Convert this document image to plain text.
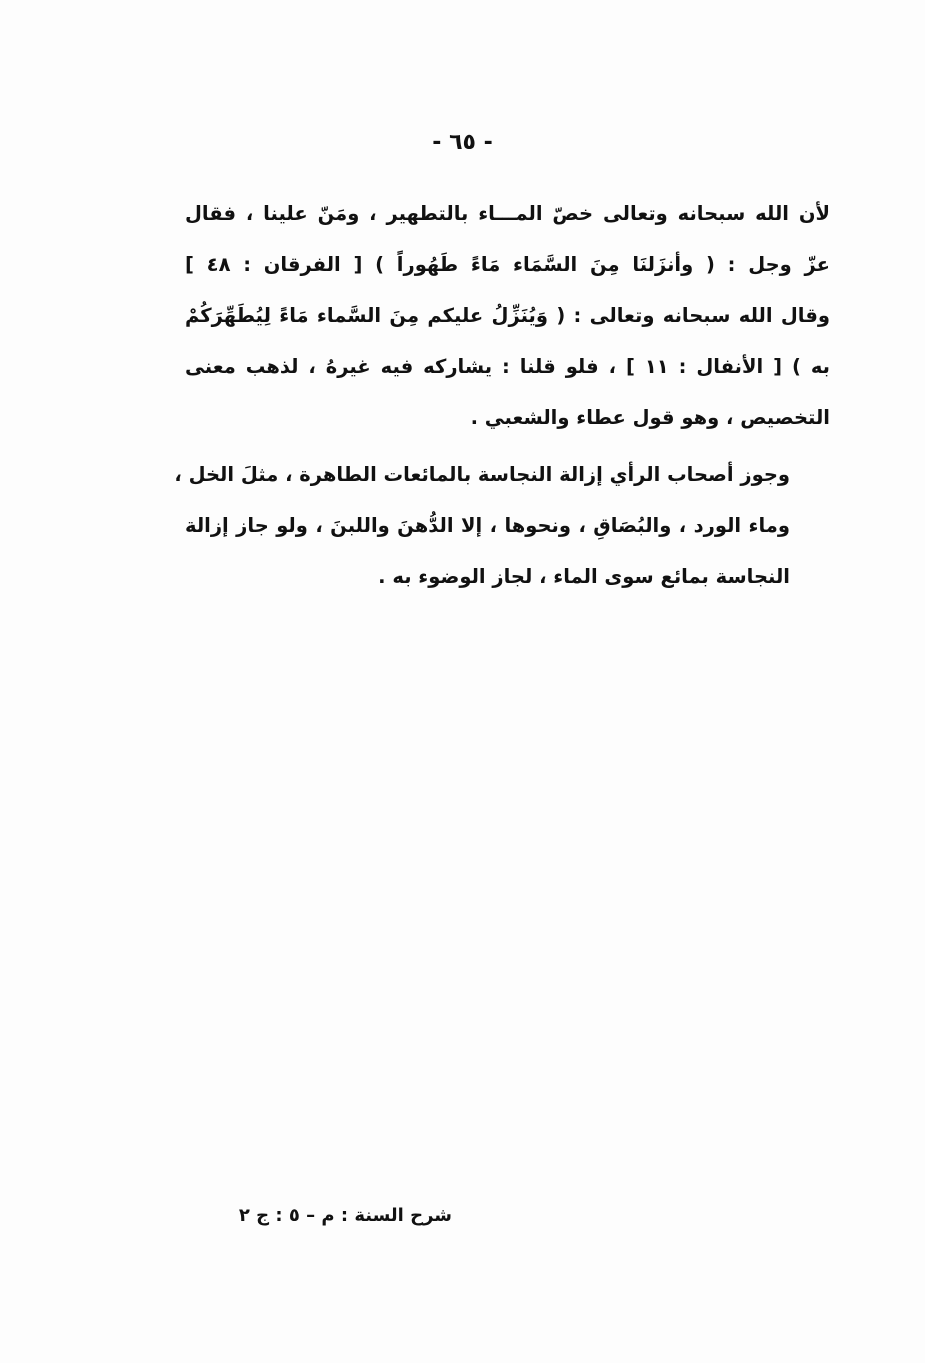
- ٦٥ -

لأن الله سبحانه وتعالى خصّ المـــاء بالتطهير ، ومَنّ علينا ، فقال
عزّ وجل : ( وأنزَلنَا مِنَ السَّمَاء مَاءً طَهُوراً ) [ الفرقان : ٤٨ ]
وقال الله سبحانه وتعالى : ( وَيُنَزِّلُ عليكم مِنَ السَّماء مَاءً لِيُطَهِّرَكُمْ
به ) [ الأنفال : ١١ ] ، فلو قلنا : يشاركه فيه غيرهُ ، لذهب معنى
التخصيص ، وهو قول عطاء والشعبي .

وجوز أصحاب الرأي إزالة النجاسة بالمائعات الطاهرة ، مثلَ الخل ،
وماء الورد ، والبُصَاقِ ، ونحوها ، إلا الدُّهنَ واللبنَ ، ولو جاز إزالة
النجاسة بمائع سوى الماء ، لجاز الوضوء به .

شرح السنة : م – ٥ : ج ٢
